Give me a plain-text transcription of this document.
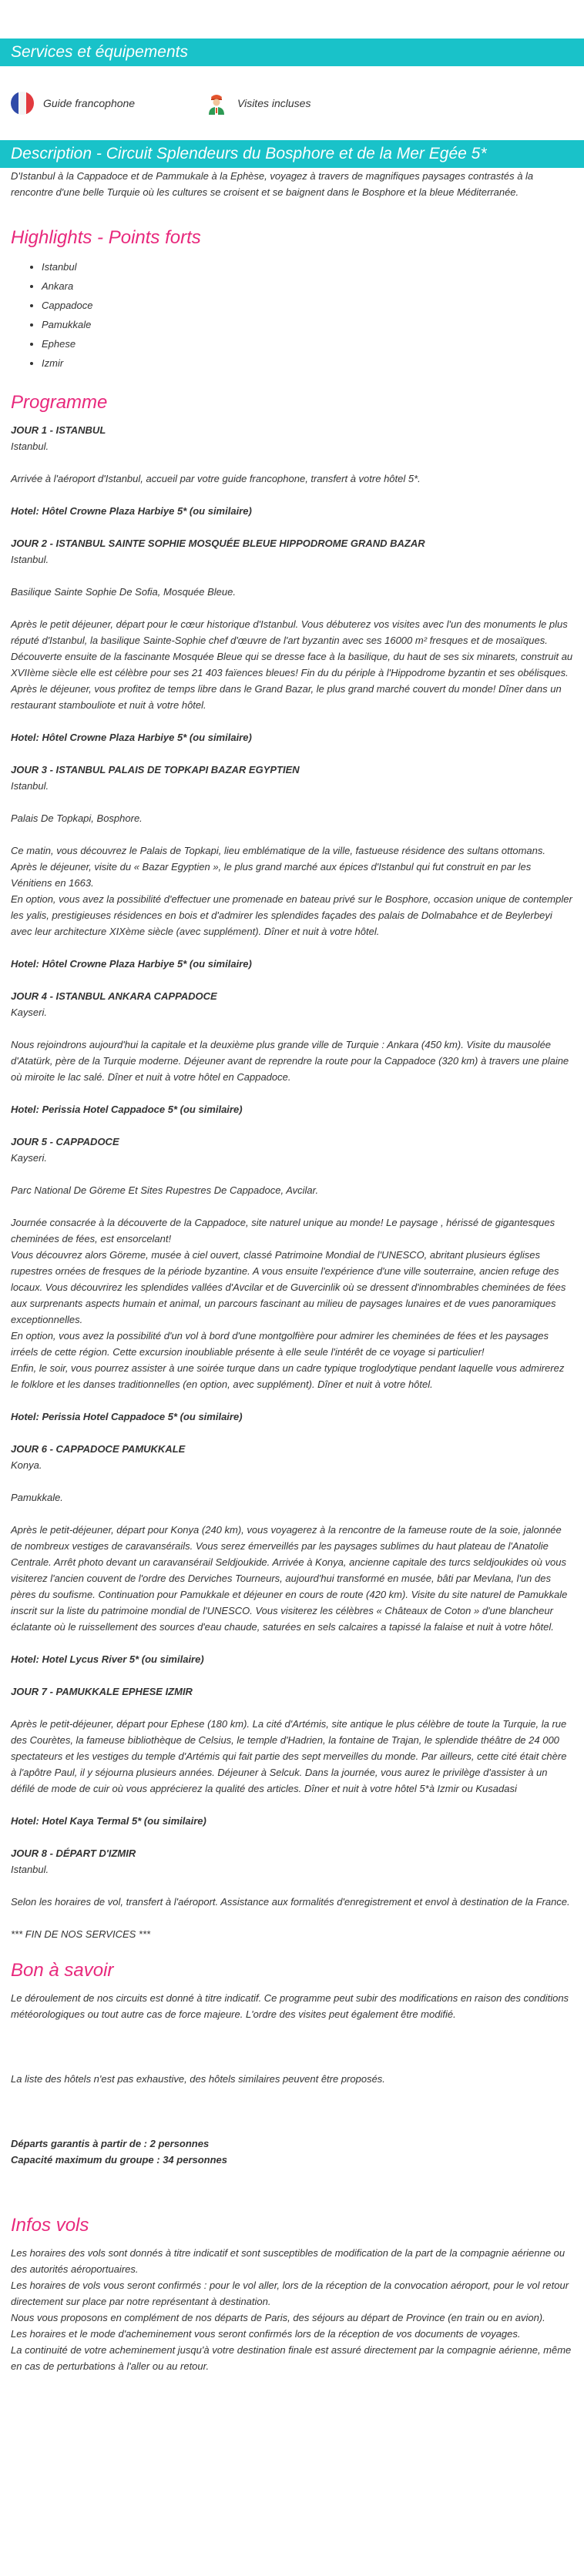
Services et équipements
Guide francophone	Visites incluses
Description - Circuit Splendeurs du Bosphore et de la Mer Egée 5*

D'Istanbul à la Cappadoce et de Pammukale à la Ephèse, voyagez à travers de magnifiques paysages contrastés à la rencontre d'une belle Turquie où les cultures se croisent et se baignent dans le Bosphore et la bleue Méditerranée.

Highlights - Points forts
• Istanbul
• Ankara
• Cappadoce
• Pamukkale
• Ephese
• Izmir
Programme

JOUR 1 - ISTANBUL

Istanbul.

Arrivée à l'aéroport d'Istanbul, accueil par votre guide francophone, transfert à votre hôtel 5*.

Hotel: Hôtel Crowne Plaza Harbiye 5* (ou similaire)

JOUR 2 - ISTANBUL SAINTE SOPHIE MOSQUÉE BLEUE HIPPODROME GRAND BAZAR

Istanbul.

Basilique Sainte Sophie De Sofia, Mosquée Bleue.

Après le petit déjeuner, départ pour le cœur historique d'Istanbul. Vous débuterez vos visites avec l'un des monuments le plus réputé d'Istanbul, la basilique Sainte-Sophie chef d'œuvre de l'art byzantin avec ses 16000 m² fresques et de mosaïques. Découverte ensuite de la fascinante Mosquée Bleue qui se dresse face à la basilique, du haut de ses six minarets, construit au XVIIème siècle elle est célèbre pour ses 21 403 faïences bleues! Fin du du périple à l'Hippodrome byzantin et ses obélisques. Après le déjeuner, vous profitez de temps libre dans le Grand Bazar, le plus grand marché couvert du monde! Dîner dans un restaurant stambouliote et nuit à votre hôtel.

Hotel: Hôtel Crowne Plaza Harbiye 5* (ou similaire)

JOUR 3 - ISTANBUL PALAIS DE TOPKAPI BAZAR EGYPTIEN

Istanbul.

Palais De Topkapi, Bosphore.

Ce matin, vous découvrez le Palais de Topkapi, lieu emblématique de la ville, fastueuse résidence des sultans ottomans. Après le déjeuner, visite du « Bazar Egyptien », le plus grand marché aux épices d'Istanbul qui fut construit en par les Vénitiens en 1663.

En option, vous avez la possibilité d'effectuer une promenade en bateau privé sur le Bosphore, occasion unique de contempler les yalis, prestigieuses résidences en bois et d'admirer les splendides façades des palais de Dolmabahce et de Beylerbeyi avec leur architecture XIXème siècle (avec supplément). Dîner et nuit à votre hôtel.

Hotel: Hôtel Crowne Plaza Harbiye 5* (ou similaire)

JOUR 4 - ISTANBUL ANKARA CAPPADOCE

Kayseri.

Nous rejoindrons aujourd'hui la capitale et la deuxième plus grande ville de Turquie : Ankara (450 km). Visite du mausolée d'Atatürk, père de la Turquie moderne. Déjeuner avant de reprendre la route pour la Cappadoce (320 km) à travers une plaine où miroite le lac salé. Dîner et nuit à votre hôtel en Cappadoce.

Hotel: Perissia Hotel Cappadoce 5* (ou similaire)

JOUR 5 - CAPPADOCE

Kayseri.

Parc National De Göreme Et Sites Rupestres De Cappadoce, Avcilar.

Journée consacrée à la découverte de la Cappadoce, site naturel unique au monde! Le paysage , hérissé de gigantesques cheminées de fées, est ensorcelant!

Vous découvrez alors Göreme, musée à ciel ouvert, classé Patrimoine Mondial de l'UNESCO, abritant plusieurs églises rupestres ornées de fresques de la période byzantine. A vous ensuite l'expérience d'une ville souterraine, ancien refuge des locaux. Vous découvrirez les splendides vallées d'Avcilar et de Guvercinlik où se dressent d'innombrables cheminées de fées aux surprenants aspects humain et animal, un parcours fascinant au milieu de paysages lunaires et de vues panoramiques exceptionnelles.

En option, vous avez la possibilité d'un vol à bord d'une montgolfière pour admirer les cheminées de fées et les paysages irréels de cette région. Cette excursion inoubliable présente à elle seule l'intérêt de ce voyage si particulier!

Enfin, le soir, vous pourrez assister à une soirée turque dans un cadre typique troglodytique pendant laquelle vous admirerez le folklore et les danses traditionnelles (en option, avec supplément). Dîner et nuit à votre hôtel.

Hotel: Perissia Hotel Cappadoce 5* (ou similaire)

JOUR 6 - CAPPADOCE PAMUKKALE

Konya.

Pamukkale.

Après le petit-déjeuner, départ pour Konya (240 km), vous voyagerez à la rencontre de la fameuse route de la soie, jalonnée de nombreux vestiges de caravansérails. Vous serez émerveillés par les paysages sublimes du haut plateau de l'Anatolie Centrale. Arrêt photo devant un caravansérail Seldjoukide. Arrivée à Konya, ancienne capitale des turcs seldjoukides où vous visiterez l'ancien couvent de l'ordre des Derviches Tourneurs, aujourd'hui transformé en musée, bâti par Mevlana, l'un des pères du soufisme. Continuation pour Pamukkale et déjeuner en cours de route (420 km). Visite du site naturel de Pamukkale inscrit sur la liste du patrimoine mondial de l'UNESCO. Vous visiterez les célèbres « Châteaux de Coton » d'une blancheur éclatante où le ruissellement des sources d'eau chaude, saturées en sels calcaires a tapissé la falaise et nuit à votre hôtel.

Hotel: Hotel Lycus River 5* (ou similaire)

JOUR 7 - PAMUKKALE EPHESE IZMIR

Après le petit-déjeuner, départ pour Ephese (180 km). La cité d'Artémis, site antique le plus célèbre de toute la Turquie, la rue des Courètes, la fameuse bibliothèque de Celsius, le temple d'Hadrien, la fontaine de Trajan, le splendide théâtre de 24 000 spectateurs et les vestiges du temple d'Artémis qui fait partie des sept merveilles du monde. Par ailleurs, cette cité était chère à l'apôtre Paul, il y séjourna plusieurs années. Déjeuner à Selcuk. Dans la journée, vous aurez le privilège d'assister à un défilé de mode de cuir où vous apprécierez la qualité des articles. Dîner et nuit à votre hôtel 5*à Izmir ou Kusadasi

Hotel: Hotel Kaya Termal 5* (ou similaire)

JOUR 8 - DÉPART D'IZMIR

Istanbul.

Selon les horaires de vol, transfert à l'aéroport. Assistance aux formalités d'enregistrement et envol à destination de la France.

*** FIN DE NOS SERVICES ***

Bon à savoir

Le déroulement de nos circuits est donné à titre indicatif. Ce programme peut subir des modifications en raison des conditions météorologiques ou tout autre cas de force majeure. L'ordre des visites peut également être modifié.

La liste des hôtels n'est pas exhaustive, des hôtels similaires peuvent être proposés.

Départs garantis à partir de : 2 personnes

Capacité maximum du groupe : 34 personnes

Infos vols

Les horaires des vols sont donnés à titre indicatif et sont susceptibles de modification de la part de la compagnie aérienne ou des autorités aéroportuaires.

Les horaires de vols vous seront confirmés : pour le vol aller, lors de la réception de la convocation aéroport, pour le vol retour directement sur place par notre représentant à destination.

Nous vous proposons en complément de nos départs de Paris, des séjours au départ de Province (en train ou en avion).

Les horaires et le mode d'acheminement vous seront confirmés lors de la réception de vos documents de voyages.

La continuité de votre acheminement jusqu'à votre destination finale est assuré directement par la compagnie aérienne, même en cas de perturbations à l'aller ou au retour.
